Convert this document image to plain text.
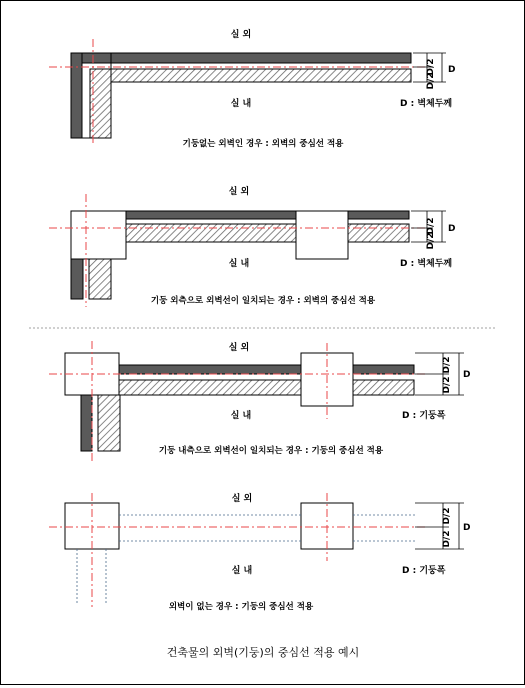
D/2
D/2
D
실 외
실 내	D : 벽체두께
기둥없는 외벽인 경우 : 외벽의 중심선 적용
D/2
D/2
D
실 외
실 내	D : 벽체두께
기둥 외측으로 외벽선이 일치되는 경우 : 외벽의 중심선 적용
D/2
D/2
D
실 외
실 내	D : 기둥폭
기둥 내측으로 외벽선이 일치되는 경우 : 기둥의 중심선 적용
D/2
D/2
D
실 외
실 내	D : 기둥폭
외벽이 없는 경우 : 기둥의 중심선 적용
건축물의 외벽(기둥)의 중심선 적용 예시
